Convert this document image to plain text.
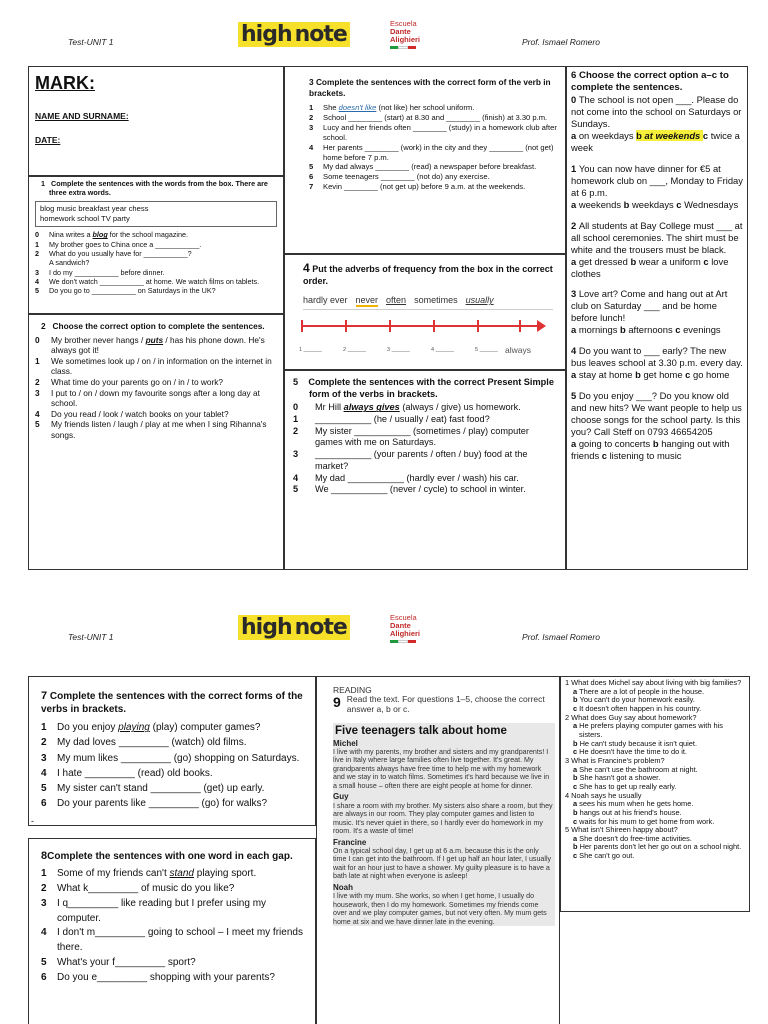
Test-UNIT 1	high note	Escuela
Dante
Alighieri	Prof. Ismael Romero
MARK:
NAME AND SURNAME:
DATE:
1 Complete the sentences with the words from the box. There are three extra words.
blog music breakfast year chess
homework school TV party
0	Nina writes a blog for the school magazine.
1	My brother goes to China once a ___________.
2	What do you usually have for ___________?
A sandwich?
3	I do my ___________ before dinner.
4	We don't watch ___________ at home. We watch films on tablets.
5	Do you go to ___________ on Saturdays in the UK?
2 Choose the correct option to complete the sentences.
0	My brother never hangs / puts / has his phone down. He's always got it!
1	We sometimes look up / on / in information on the internet in class.
2	What time do your parents go on / in / to work?
3	I put to / on / down my favourite songs after a long day at school.
4	Do you read / look / watch books on your tablet?
5	My friends listen / laugh / play at me when I sing Rihanna's songs.
3 Complete the sentences with the correct form of the verb in brackets.
1	She doesn't like (not like) her school uniform.
2	School ________ (start) at 8.30 and ________ (finish) at 3.30 p.m.
3	Lucy and her friends often ________ (study) in a homework club after school.
4	Her parents ________ (work) in the city and they ________ (not get) home before 7 p.m.
5	My dad always ________ (read) a newspaper before breakfast.
6	Some teenagers ________ (not do) any exercise.
7	Kevin ________ (not get up) before 9 a.m. at the weekends.
4 Put the adverbs of frequency from the box in the correct order.
hardly ever never often sometimes usually
1 ______	2 ______	3 ______	4 ______	5 ______ always
5 Complete the sentences with the correct Present Simple form of the verbs in brackets.
0	Mr Hill always gives (always / give) us homework.
1	___________ (he / usually / eat) fast food?
2	My sister ___________ (sometimes / play) computer games with me on Saturdays.
3	___________ (your parents / often / buy) food at the market?
4	My dad ___________ (hardly ever / wash) his car.
5	We ___________ (never / cycle) to school in winter.
6 Choose the correct option a–c to complete the sentences.
0 The school is not open ___. Please do not come into the school on Saturdays or Sundays.
a on weekdays b at weekends c twice a week
1 You can now have dinner for €5 at homework club on ___, Monday to Friday at 6 p.m.
a weekends b weekdays c Wednesdays
2 All students at Bay College must ___ at all school ceremonies. The shirt must be white and the trousers must be black.
a get dressed b wear a uniform c love clothes
3 Love art? Come and hang out at Art club on Saturday ___ and be home before lunch!
a mornings b afternoons c evenings
4 Do you want to ___ early? The new bus leaves school at 3.30 p.m. every day.
a stay at home b get home c go home
5 Do you enjoy ___? Do you know old and new hits? We want people to help us choose songs for the school party. Is this you? Call Steff on 0793 46654205
a going to concerts b hanging out with friends c listening to music
Test-UNIT 1	high note	Escuela
Dante
Alighieri	Prof. Ismael Romero
7 Complete the sentences with the correct forms of the verbs in brackets.
1	Do you enjoy playing (play) computer games?
2	My dad loves _________ (watch) old films.
3	My mum likes _________ (go) shopping on Saturdays.
4	I hate _________ (read) old books.
5	My sister can't stand _________ (get) up early.
6	Do your parents like _________ (go) for walks?
-
8Complete the sentences with one word in each gap.
1	Some of my friends can't stand playing sport.
2	What k_________ of music do you like?
3	I q_________ like reading but I prefer using my computer.
4	I don't m_________ going to school – I meet my friends there.
5	What's your f_________ sport?
6	Do you e_________ shopping with your parents?
READING
9 Read the text. For questions 1–5, choose the correct answer a, b or c.
Five teenagers talk about home
Michel
I live with my parents, my brother and sisters and my grandparents! I live in Italy where large families often live together. It's great. My grandparents always have free time to help me with my homework and we stay in to watch films. Sometimes it's hard because we live in a small house – often there are eight people at home for dinner.
Guy
I share a room with my brother. My sisters also share a room, but they are always in our room. They play computer games and listen to music. It's never quiet in there, so I hardly ever do homework in my room. It's a waste of time!
Francine
On a typical school day, I get up at 6 a.m. because this is the only time I can get into the bathroom. If I get up half an hour later, I usually wait for an hour just to have a shower. My guilty pleasure is to have a bath late at night when everyone is asleep!
Noah
I live with my mum. She works, so when I get home, I usually do housework, then I do my homework. Sometimes my friends come over and we play computer games, but not very often. My mum gets home at six and we have dinner late in the evening.
1 What does Michel say about living with big families?
a There are a lot of people in the house.
b You can't do your homework easily.
c It doesn't often happen in his country.
2 What does Guy say about homework?
a He prefers playing computer games with his sisters.
b He can't study because it isn't quiet.
c He doesn't have the time to do it.
3 What is Francine's problem?
a She can't use the bathroom at night.
b She hasn't got a shower.
c She has to get up really early.
4 Noah says he usually
a sees his mum when he gets home.
b hangs out at his friend's house.
c waits for his mum to get home from work.
5 What isn't Shireen happy about?
a She doesn't do free-time activities.
b Her parents don't let her go out on a school night.
c She can't go out.
